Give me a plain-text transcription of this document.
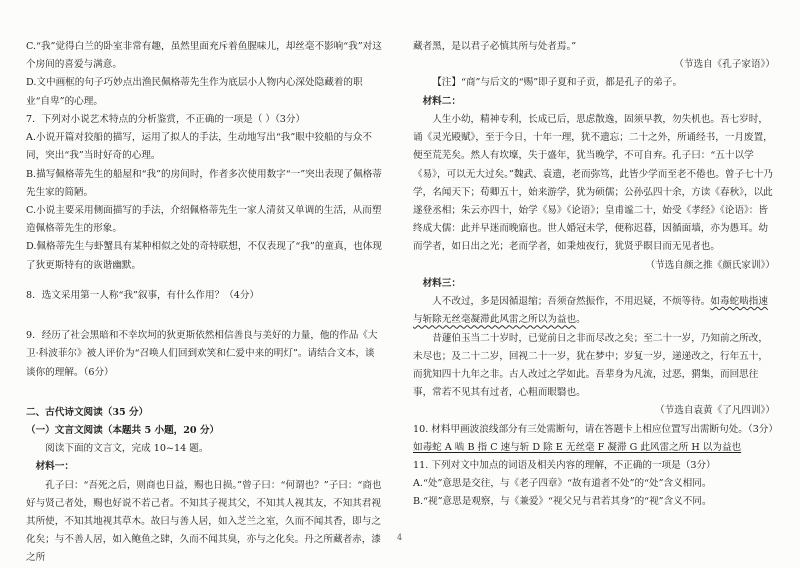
C.“我”觉得白兰的卧室非常有趣，虽然里面充斥着鱼腥味儿，却丝毫不影响“我”对这个房间的喜爱与满意。

D.文中画框的句子巧妙点出渔民佩格蒂先生作为底层小人物内心深处隐藏着的职业“自卑”的心理。

7．下列对小说艺术特点的分析鉴赏，不正确的一项是（ ）（3分）

A.小说开篇对狡船的描写，运用了拟人的手法，生动地写出“我”眼中狡船的与众不同，突出“我”当时好奇的心理。

B.描写佩格蒂先生的船屋和“我”的房间时，作者多次使用数字“一”突出表现了佩格蒂先生家的简陋。

C.小说主要采用侧面描写的手法，介绍佩格蒂先生一家人清贫又单调的生活，从而塑造佩格蒂先生的形象。

D.佩格蒂先生与虾蟹具有某种相似之处的奇特联想，不仅表现了“我”的童真，也体现了狄更斯特有的诙谐幽默。

8．选文采用第一人称“我”叙事，有什么作用？（4分）

9．经历了社会黑暗和不幸坎坷的狄更斯依然相信善良与美好的力量，他的作品《大卫·科波菲尔》被人评价为“召唤人们回到欢笑和仁爱中来的明灯”。请结合文本，谈谈你的理解。（6分）

二、古代诗文阅读（35 分）

（一）文言文阅读（本题共 5 小题，20 分）

阅读下面的文言文，完成 10~14 题。

材料一：

孔子曰：“吾死之后，则商也日益，赐也日损。”曾子曰：“何谓也？”子曰：“商也好与贤己者处，赐也好说不若己者。不知其子视其父，不知其人视其友，不知其君视其所使，不知其地视其草木。故曰与善人居，如入芝兰之室，久而不闻其香，即与之化矣；与不善人居，如入鲍鱼之肆，久而不闻其臭，亦与之化矣。丹之所藏者赤，漆之所

藏者黑，是以君子必慎其所与处者焉。”

（节选自《孔子家语》）

【注】“商”与后文的“赐”即子夏和子贡，都是孔子的弟子。

材料二：

人生小幼，精神专利，长成已后，思虑散逸，固须早教，勿失机也。吾七岁时，诵《灵光殿赋》，至于今日，十年一理，犹不遗忘；二十之外，所诵经书，一月废置，便至荒芜矣。然人有坎壈，失于盛年，犹当晚学，不可自弃。孔子曰：“五十以学《易》，可以无大过矣。”魏武、袁遗，老而弥笃，此皆少学而至老不倦也。曾子七十乃学，名闻天下；荀卿五十，始来游学，犹为硕儒；公孙弘四十余，方读《春秋》，以此遂登丞相；朱云亦四十，始学《易》《论语》；皇甫谧二十，始受《孝经》《论语》：皆终成大儒：此并早迷而晚寤也。世人婚冠未学，便称迟暮，因循面墙，亦为愚耳。幼而学者，如日出之光；老而学者，如秉烛夜行，犹贤乎瞑目而无见者也。

（节选自颜之推《颜氏家训》）

材料三：

人不改过，多是因循退缩；吾须奋然振作，不用迟疑，不烦等待。如毒蛇啮指速与斩除无丝毫凝滞此风雷之所以为益也。

昔蘧伯玉当二十岁时，已觉前日之非而尽改之矣；至二十一岁，乃知前之所改，未尽也；及二十二岁，回视二十一岁，犹在梦中；岁复一岁，递递改之，行年五十，而犹知四十九年之非。古人改过之学如此。吾辈身为凡流，过恶，猬集，而回思往事，常若不见其有过者，心粗而眼翳也。

（节选自袁黄《了凡四训》）

10. 材料甲画波浪线部分有三处需断句，请在答题卡上相应位置写出需断句处。（3分）

如毒蛇 A 啮 B 指 C 速与斩 D 除 E 无丝毫 F 凝滞 G 此风雷之所 H 以为益也

11. 下列对文中加点的词语及相关内容的理解，不正确的一项是（3分）

A.“处”意思是交往，与《老子四章》“故有道者不处”的“处”含义相同。

B.“视”意思是观察，与《兼爱》“视父兄与君若其身”的“视”含义不同。

4
